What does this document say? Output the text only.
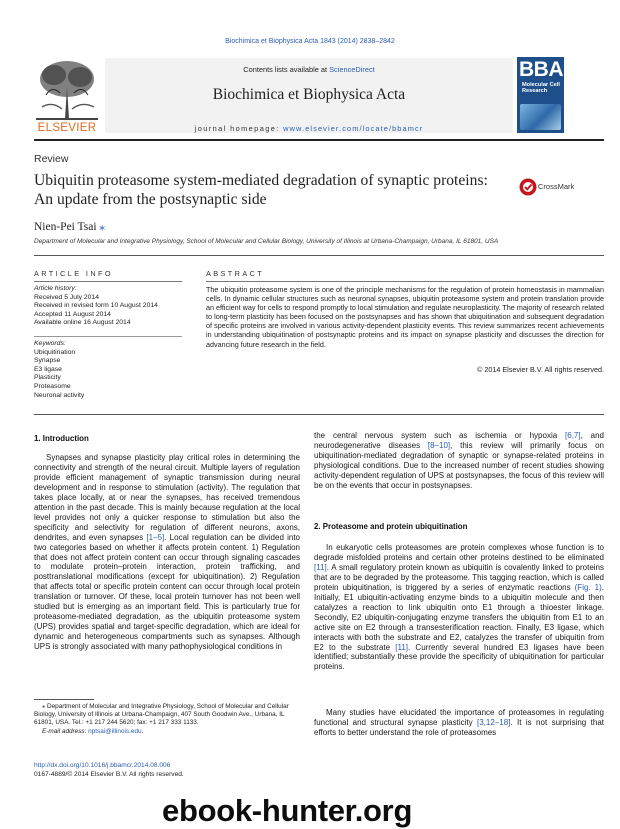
Biochimica et Biophysica Acta 1843 (2014) 2838–2842
ELSEVIER
Contents lists available at ScienceDirect
Biochimica et Biophysica Acta
journal homepage: www.elsevier.com/locate/bbamcr
BBA
Molecular Cell Research
Review
Ubiquitin proteasome system-mediated degradation of synaptic proteins: An update from the postsynaptic side
CrossMark
Nien-Pei Tsai ⁎
Department of Molecular and Integrative Physiology, School of Molecular and Cellular Biology, University of Illinois at Urbana-Champaign, Urbana, IL 61801, USA
ARTICLE INFO
Article history:
Received 5 July 2014
Received in revised form 10 August 2014
Accepted 11 August 2014
Available online 16 August 2014
Keywords:
Ubiquitination
Synapse
E3 ligase
Plasticity
Proteasome
Neuronal activity
ABSTRACT
The ubiquitin proteasome system is one of the principle mechanisms for the regulation of protein homeostasis in mammalian cells. In dynamic cellular structures such as neuronal synapses, ubiquitin proteasome system and protein translation provide an efficient way for cells to respond promptly to local stimulation and regulate neuroplasticity. The majority of research related to long-term plasticity has been focused on the postsynapses and has shown that ubiquitination and subsequent degradation of specific proteins are involved in various activity-dependent plasticity events. This review summarizes recent achievements in understanding ubiquitination of postsynaptic proteins and its impact on synapse plasticity and discusses the direction for advancing future research in the field.
© 2014 Elsevier B.V. All rights reserved.
1. Introduction
Synapses and synapse plasticity play critical roles in determining the connectivity and strength of the neural circuit. Multiple layers of regulation provide efficient management of synaptic transmission during neural development and in response to stimulation (activity). The regulation that takes place locally, at or near the synapses, has received tremendous attention in the past decade. This is mainly because regulation at the local level provides not only a quicker response to stimulation but also the specificity and selectivity for regulation of different neurons, axons, dendrites, and even synapses [1–5]. Local regulation can be divided into two categories based on whether it affects protein content. 1) Regulation that does not affect protein content can occur through signaling cascades to modulate protein–protein interaction, protein trafficking, and posttranslational modifications (except for ubiquitination). 2) Regulation that affects total or specific protein content can occur through local protein translation or turnover. Of these, local protein turnover has not been well studied but is emerging as an important field. This is particularly true for proteasome-mediated degradation, as the ubiquitin proteasome system (UPS) provides spatial and target-specific degradation, which are ideal for dynamic and heterogeneous compartments such as synapses. Although UPS is strongly associated with many pathophysiological conditions in
the central nervous system such as ischemia or hypoxia [6,7], and neurodegenerative diseases [8–10], this review will primarily focus on ubiquitination-mediated degradation of synaptic or synapse-related proteins in physiological conditions. Due to the increased number of recent studies showing activity-dependent regulation of UPS at postsynapses, the focus of this review will be on the events that occur in postsynapses.
2. Proteasome and protein ubiquitination
In eukaryotic cells proteasomes are protein complexes whose function is to degrade misfolded proteins and certain other proteins destined to be eliminated [11]. A small regulatory protein known as ubiquitin is covalently linked to proteins that are to be degraded by the proteasome. This tagging reaction, which is called protein ubiquitination, is triggered by a series of enzymatic reactions (Fig. 1). Initially, E1 ubiquitin-activating enzyme binds to a ubiquitin molecule and then catalyzes a reaction to link ubiquitin onto E1 through a thioester linkage. Secondly, E2 ubiquitin-conjugating enzyme transfers the ubiquitin from E1 to an active site on E2 through a transesterification reaction. Finally, E3 ligase, which interacts with both the substrate and E2, catalyzes the transfer of ubiquitin from E2 to the substrate [11]. Currently several hundred E3 ligases have been identified; substantially these provide the specificity of ubiquitination for particular proteins.
Many studies have elucidated the importance of proteasomes in regulating functional and structural synapse plasticity [3,12–18]. It is not surprising that efforts to better understand the role of proteasomes
⁎ Department of Molecular and Integrative Physiology, School of Molecular and Cellular Biology, University of Illinois at Urbana-Champaign, 407 South Goodwin Ave., Urbana, IL 61801, USA. Tel.: +1 217 244 5620; fax: +1 217 333 1133.
E-mail address: nptsai@illinois.edu.
http://dx.doi.org/10.1016/j.bbamcr.2014.08.006
0167-4889/© 2014 Elsevier B.V. All rights reserved.
ebook-hunter.org
